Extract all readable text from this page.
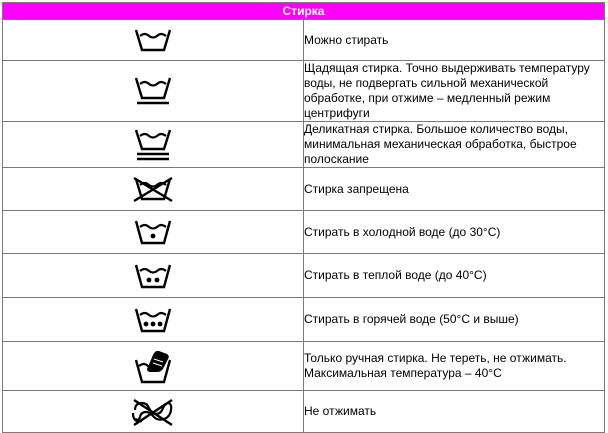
Стирка	

	Можно стирать

	Щадящая стирка. Точно выдерживать температуру воды, не подвергать сильной механической обработке, при отжиме – медленный режим центрифуги

	Деликатная стирка. Большое количество воды, минимальная механическая обработка, быстрое полоскание

	Стирка запрещена

	Стирать в холодной воде (до 30°C)

	Стирать в теплой воде (до 40°C)

	Стирать в горячей воде (50°C и выше)

	Только ручная стирка. Не тереть, не отжимать. Максимальная температура – 40°C

	Не отжимать
